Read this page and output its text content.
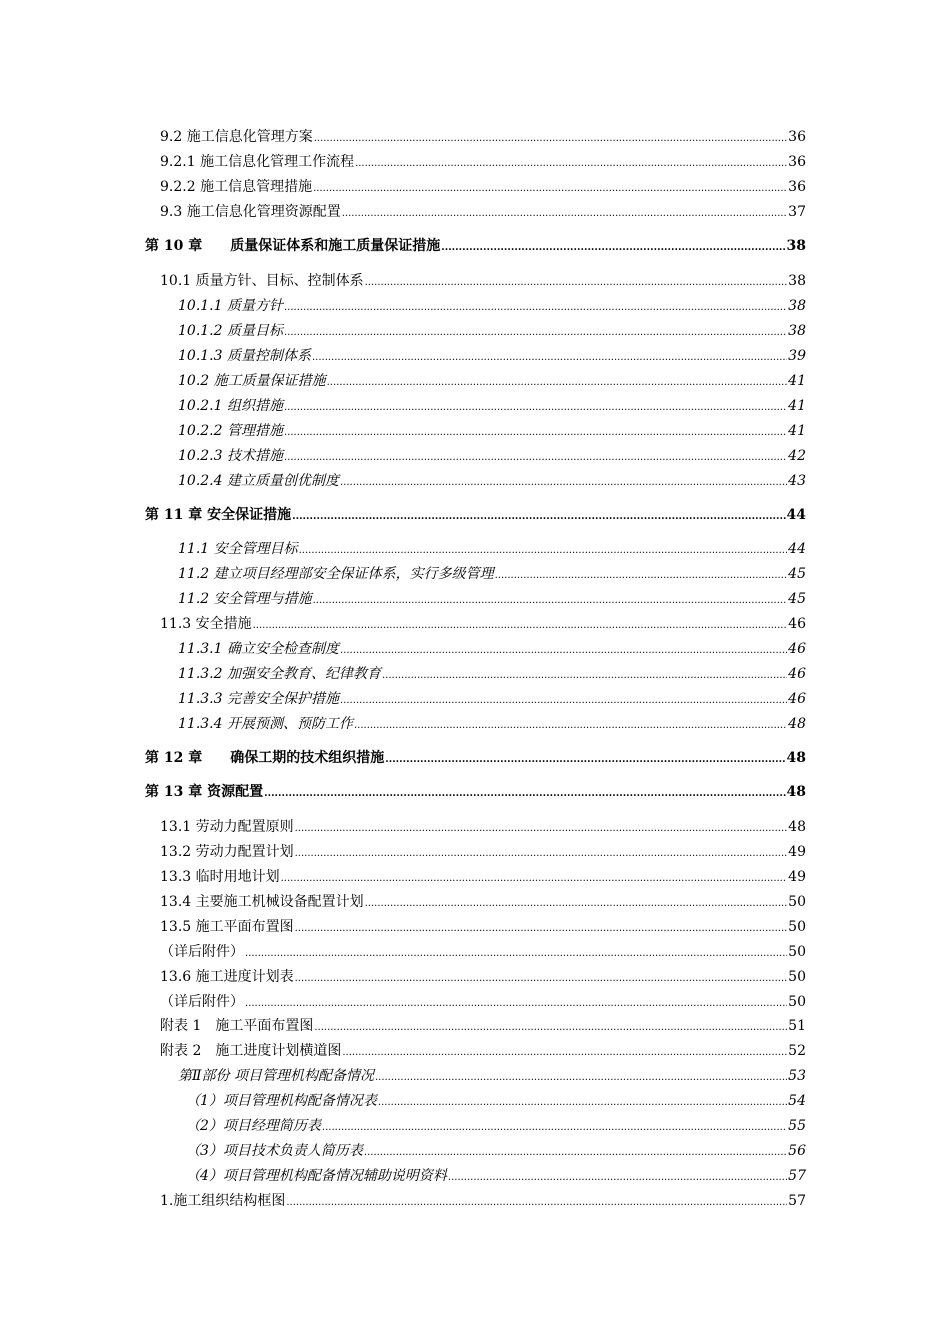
9.2 施工信息化管理方案 .....	36
9.2.1 施工信息化管理工作流程 .....	36
9.2.2 施工信息管理措施 .....	36
9.3 施工信息化管理资源配置 .....	37
第 10 章　　质量保证体系和施工质量保证措施 .....	38
10.1 质量方针、目标、控制体系 .....	38
10.1.1 质量方针 .....	38
10.1.2 质量目标 .....	38
10.1.3 质量控制体系 .....	39
10.2 施工质量保证措施 .....	41
10.2.1 组织措施 .....	41
10.2.2 管理措施 .....	41
10.2.3 技术措施 .....	42
10.2.4 建立质量创优制度 .....	43
第 11 章 安全保证措施 .....	44
11.1 安全管理目标 .....	44
11.2 建立项目经理部安全保证体系，实行多级管理 .....	45
11.2 安全管理与措施 .....	45
11.3 安全措施 .....	46
11.3.1 确立安全检查制度 .....	46
11.3.2 加强安全教育、纪律教育 .....	46
11.3.3 完善安全保护措施 .....	46
11.3.4 开展预测、预防工作 .....	48
第 12 章　　确保工期的技术组织措施 .....	48
第 13 章 资源配置 .....	48
13.1 劳动力配置原则 .....	48
13.2 劳动力配置计划 .....	49
13.3 临时用地计划 .....	49
13.4 主要施工机械设备配置计划 .....	50
13.5 施工平面布置图 .....	50
（详后附件） .....	50
13.6 施工进度计划表 .....	50
（详后附件） .....	50
附表 1　施工平面布置图 .....	51
附表 2　施工进度计划横道图 .....	52
第Ⅱ部份 项目管理机构配备情况 .....	53
（1）项目管理机构配备情况表 .....	54
（2）项目经理简历表 .....	55
（3）项目技术负责人简历表 .....	56
（4）项目管理机构配备情况辅助说明资料 .....	57
1.施工组织结构框图 .....	57
